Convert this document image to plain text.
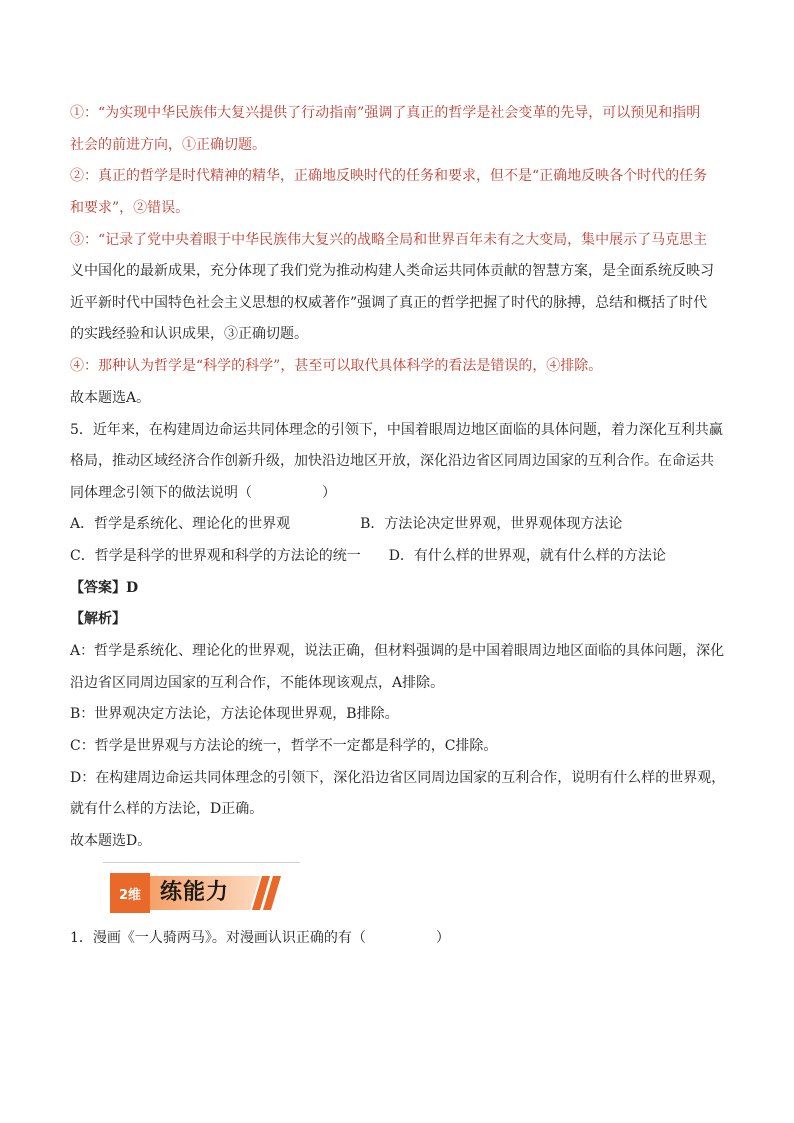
①：“为实现中华民族伟大复兴提供了行动指南”强调了真正的哲学是社会变革的先导，可以预见和指明
社会的前进方向，①正确切题。
②：真正的哲学是时代精神的精华，正确地反映时代的任务和要求，但不是“正确地反映各个时代的任务
和要求”，②错误。
③：“记录了党中央着眼于中华民族伟大复兴的战略全局和世界百年未有之大变局，集中展示了马克思主
义中国化的最新成果，充分体现了我们党为推动构建人类命运共同体贡献的智慧方案，是全面系统反映习
近平新时代中国特色社会主义思想的权威著作”强调了真正的哲学把握了时代的脉搏，总结和概括了时代
的实践经验和认识成果，③正确切题。
④：那种认为哲学是“科学的科学”，甚至可以取代具体科学的看法是错误的，④排除。
故本题选A。
5．近年来，在构建周边命运共同体理念的引领下，中国着眼周边地区面临的具体问题，着力深化互利共赢
格局，推动区域经济合作创新升级，加快沿边地区开放，深化沿边省区同周边国家的互利合作。在命运共
同体理念引领下的做法说明（　　　　　）
A．哲学是系统化、理论化的世界观　　　　　B．方法论决定世界观，世界观体现方法论
C．哲学是科学的世界观和科学的方法论的统一　　D．有什么样的世界观，就有什么样的方法论
【答案】D
【解析】
A：哲学是系统化、理论化的世界观，说法正确，但材料强调的是中国着眼周边地区面临的具体问题，深化
沿边省区同周边国家的互利合作，不能体现该观点，A排除。
B：世界观决定方法论，方法论体现世界观，B排除。
C：哲学是世界观与方法论的统一，哲学不一定都是科学的，C排除。
D：在构建周边命运共同体理念的引领下，深化沿边省区同周边国家的互利合作，说明有什么样的世界观，
就有什么样的方法论，D正确。
故本题选D。
2维 练能力
1．漫画《一人骑两马》。对漫画认识正确的有（　　　　　）
